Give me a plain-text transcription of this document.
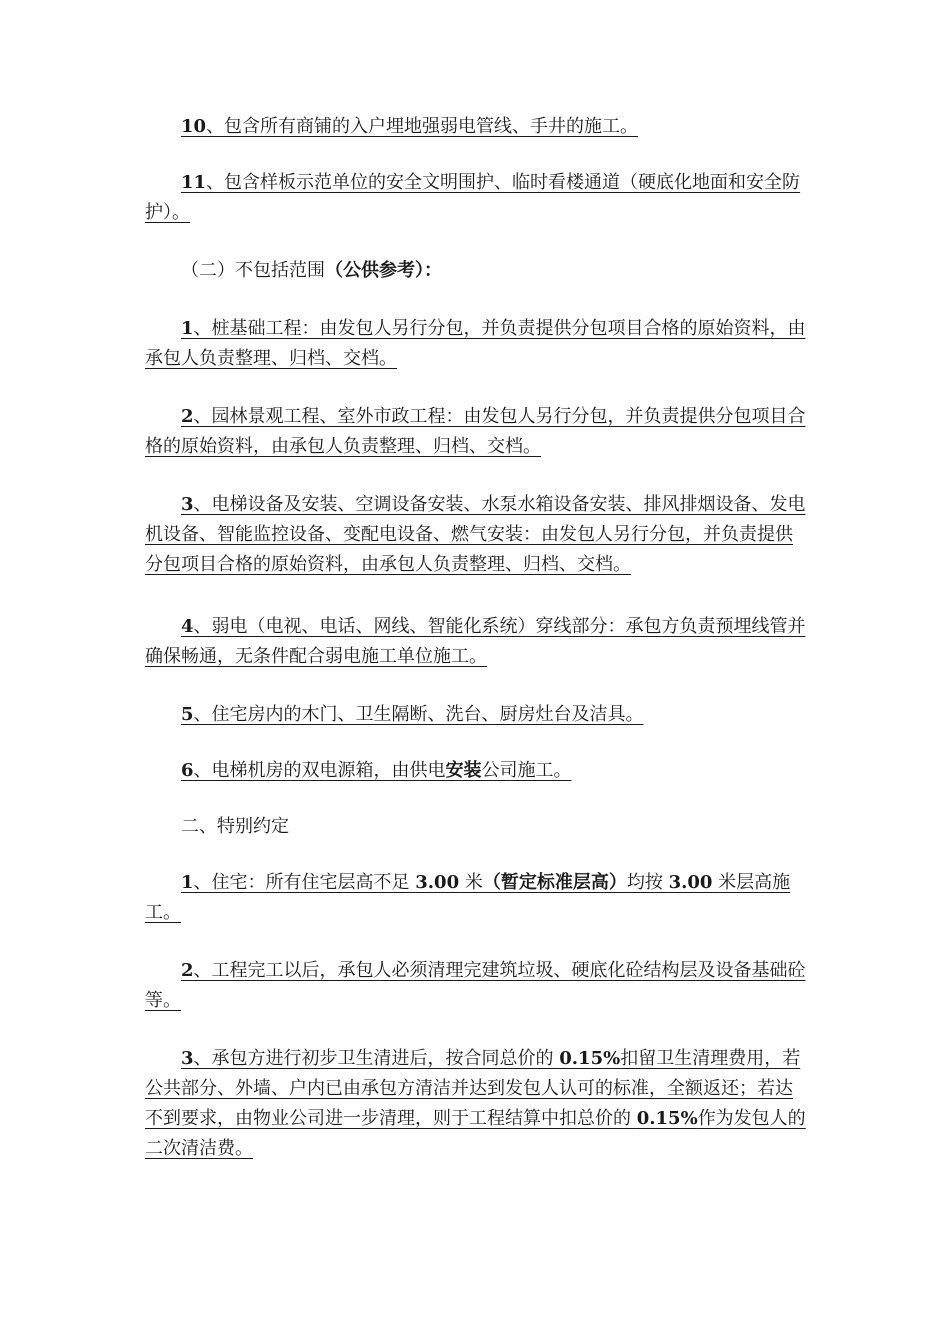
10、包含所有商铺的入户埋地强弱电管线、手井的施工。

11、包含样板示范单位的安全文明围护、临时看楼通道（硬底化地面和安全防护）。

（二）不包括范围（公供参考）：

1、桩基础工程：由发包人另行分包，并负责提供分包项目合格的原始资料，由承包人负责整理、归档、交档。

2、园林景观工程、室外市政工程：由发包人另行分包，并负责提供分包项目合格的原始资料，由承包人负责整理、归档、交档。

3、电梯设备及安装、空调设备安装、水泵水箱设备安装、排风排烟设备、发电机设备、智能监控设备、变配电设备、燃气安装：由发包人另行分包，并负责提供分包项目合格的原始资料，由承包人负责整理、归档、交档。

4、弱电（电视、电话、网线、智能化系统）穿线部分：承包方负责预埋线管并确保畅通，无条件配合弱电施工单位施工。

5、住宅房内的木门、卫生隔断、洗台、厨房灶台及洁具。

6、电梯机房的双电源箱，由供电安装公司施工。

二、特别约定

1、住宅：所有住宅层高不足 3.00 米（暂定标准层高）均按 3.00 米层高施工。

2、工程完工以后，承包人必须清理完建筑垃圾、硬底化砼结构层及设备基础砼等。

3、承包方进行初步卫生清进后，按合同总价的 0.15%扣留卫生清理费用，若公共部分、外墙、户内已由承包方清洁并达到发包人认可的标准，全额返还；若达不到要求，由物业公司进一步清理，则于工程结算中扣总价的 0.15%作为发包人的二次清洁费。
